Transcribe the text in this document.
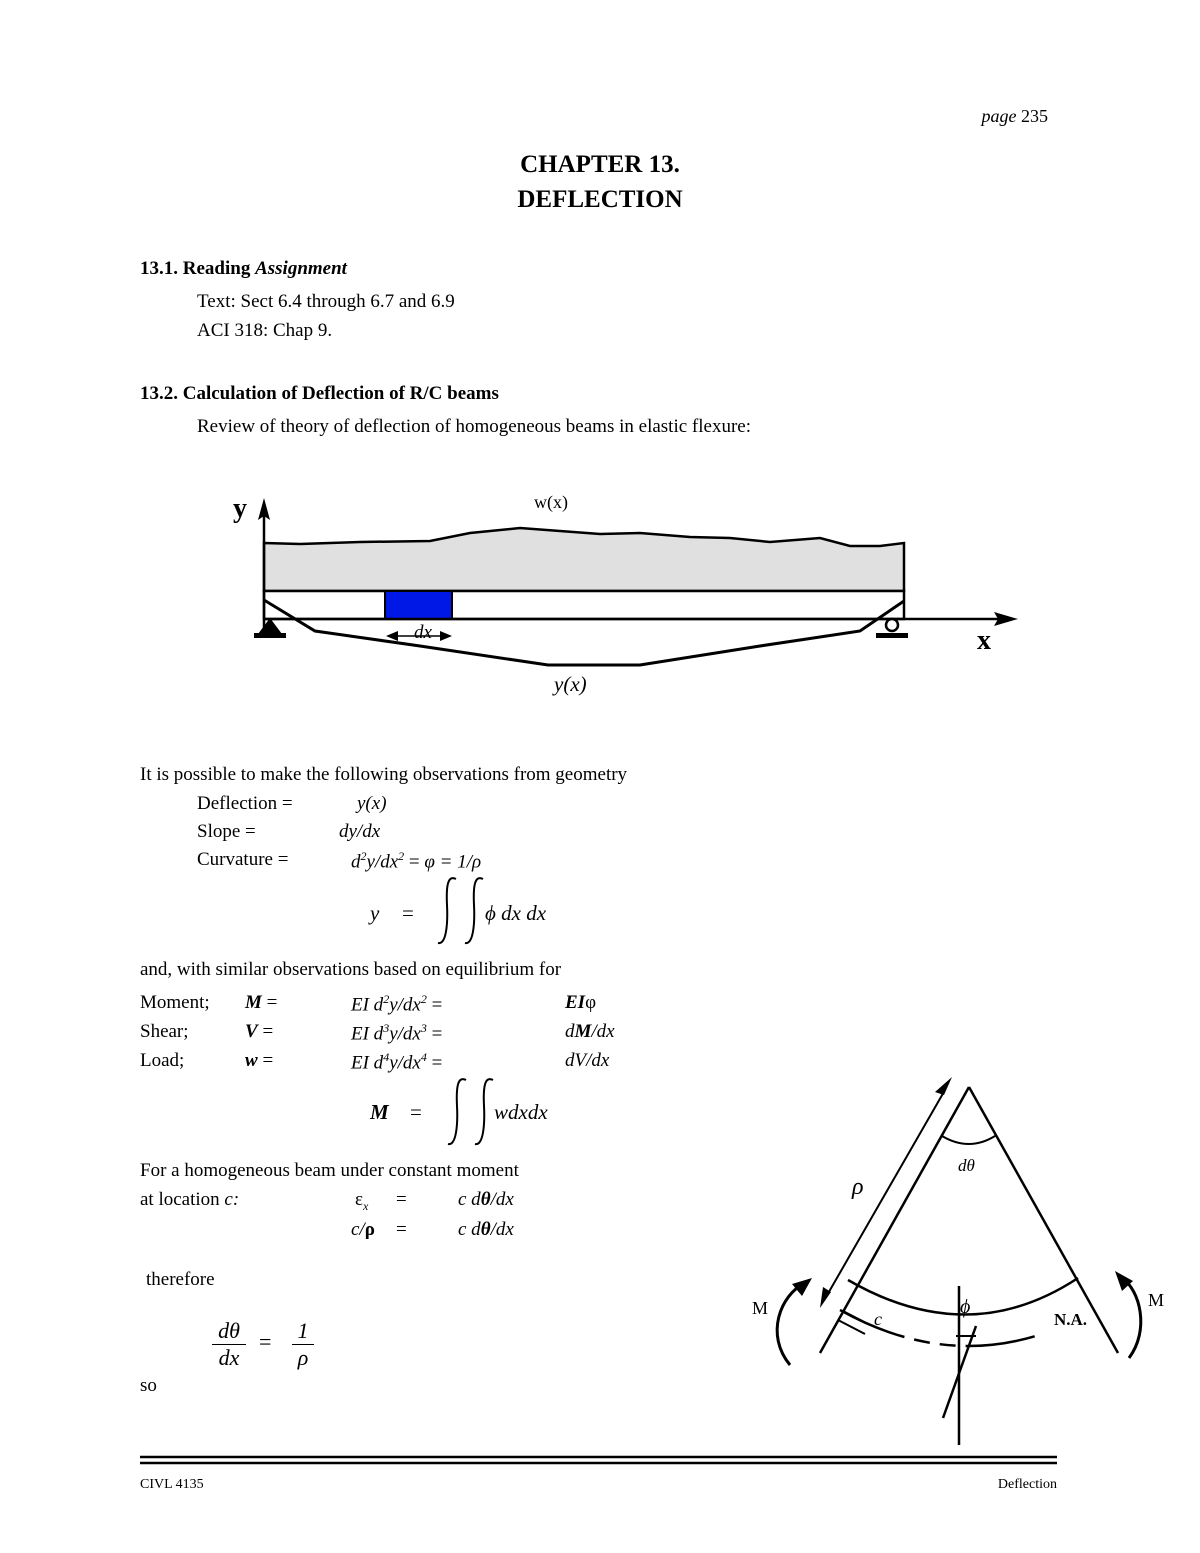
page 235
CHAPTER 13.
DEFLECTION
13.1. Reading Assignment
Text: Sect 6.4 through 6.7 and 6.9
ACI 318: Chap 9.
13.2. Calculation of Deflection of R/C beams
Review of theory of deflection of homogeneous beams in elastic flexure:
y
x
w(x)
dx
y(x)
It is possible to make the following observations from geometry
Deflection =	y(x)
Slope =	dy/dx
Curvature =	$d^2y/dx^2 = \varphi = 1/\rho$
y =	ϕ dx dx
and, with similar observations based on equilibrium for
Moment; M =	EI $d^2y/dx^2$ =	EIφ
Shear;	V =	EI $d^3y/dx^3$ =	dM/dx
Load;	w =	EI $d^4y/dx^4$ =	dV/dx
M =	wdxdx
For a homogeneous beam under constant moment
at location c:	$\varepsilon_x$ =	c dθ/dx
c/ρ =	c dθ/dx
therefore
$\frac{d\theta}{dx} = \frac{1}{\rho}$
so
ρ
dθ
M	M
c
ϕ
N.A.
CIVL 4135	Deflection
